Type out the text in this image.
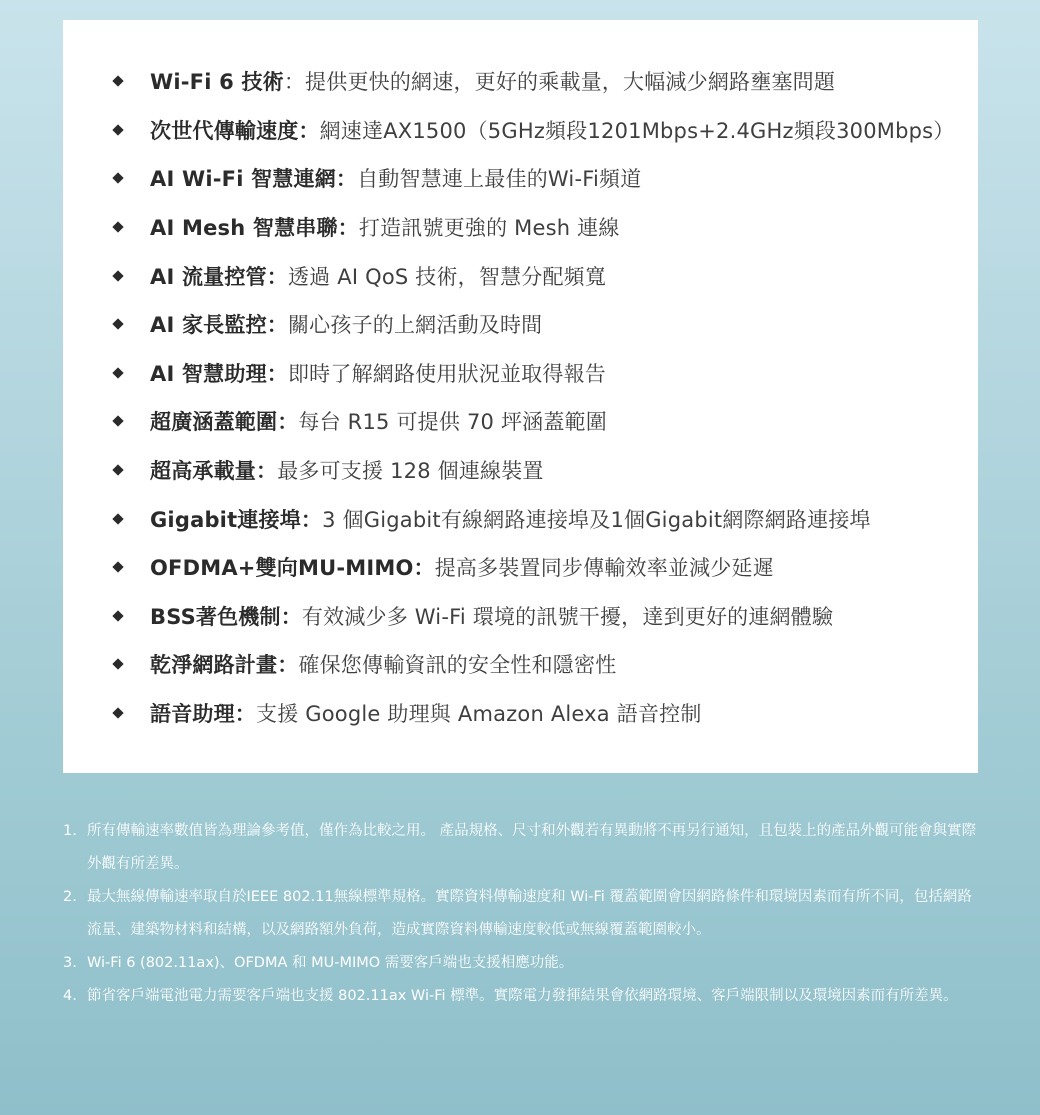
Wi-Fi 6 技術：提供更快的網速，更好的乘載量，大幅減少網路壅塞問題
次世代傳輸速度：網速達AX1500（5GHz頻段1201Mbps+2.4GHz頻段300Mbps）
AI Wi-Fi 智慧連網：自動智慧連上最佳的Wi-Fi頻道
AI Mesh 智慧串聯：打造訊號更強的 Mesh 連線
AI 流量控管：透過 AI QoS 技術，智慧分配頻寬
AI 家長監控：關心孩子的上網活動及時間
AI 智慧助理：即時了解網路使用狀況並取得報告
超廣涵蓋範圍：每台 R15 可提供 70 坪涵蓋範圍
超高承載量：最多可支援 128 個連線裝置
Gigabit連接埠：3 個Gigabit有線網路連接埠及1個Gigabit網際網路連接埠
OFDMA+雙向MU-MIMO：提高多裝置同步傳輸效率並減少延遲
BSS著色機制：有效減少多 Wi-Fi 環境的訊號干擾，達到更好的連網體驗
乾淨網路計畫：確保您傳輸資訊的安全性和隱密性
語音助理：支援 Google 助理與 Amazon Alexa 語音控制
1. 所有傳輸速率數值皆為理論參考值，僅作為比較之用。 產品規格、尺寸和外觀若有異動將不再另行通知，且包裝上的產品外觀可能會與實際外觀有所差異。
2. 最大無線傳輸速率取自於IEEE 802.11無線標準規格。實際資料傳輸速度和 Wi-Fi 覆蓋範圍會因網路條件和環境因素而有所不同，包括網路流量、建築物材料和結構，以及網路額外負荷，造成實際資料傳輸速度較低或無線覆蓋範圍較小。
3. Wi-Fi 6 (802.11ax)、OFDMA 和 MU-MIMO 需要客戶端也支援相應功能。
4. 節省客戶端電池電力需要客戶端也支援 802.11ax Wi-Fi 標準。實際電力發揮結果會依網路環境、客戶端限制以及環境因素而有所差異。
